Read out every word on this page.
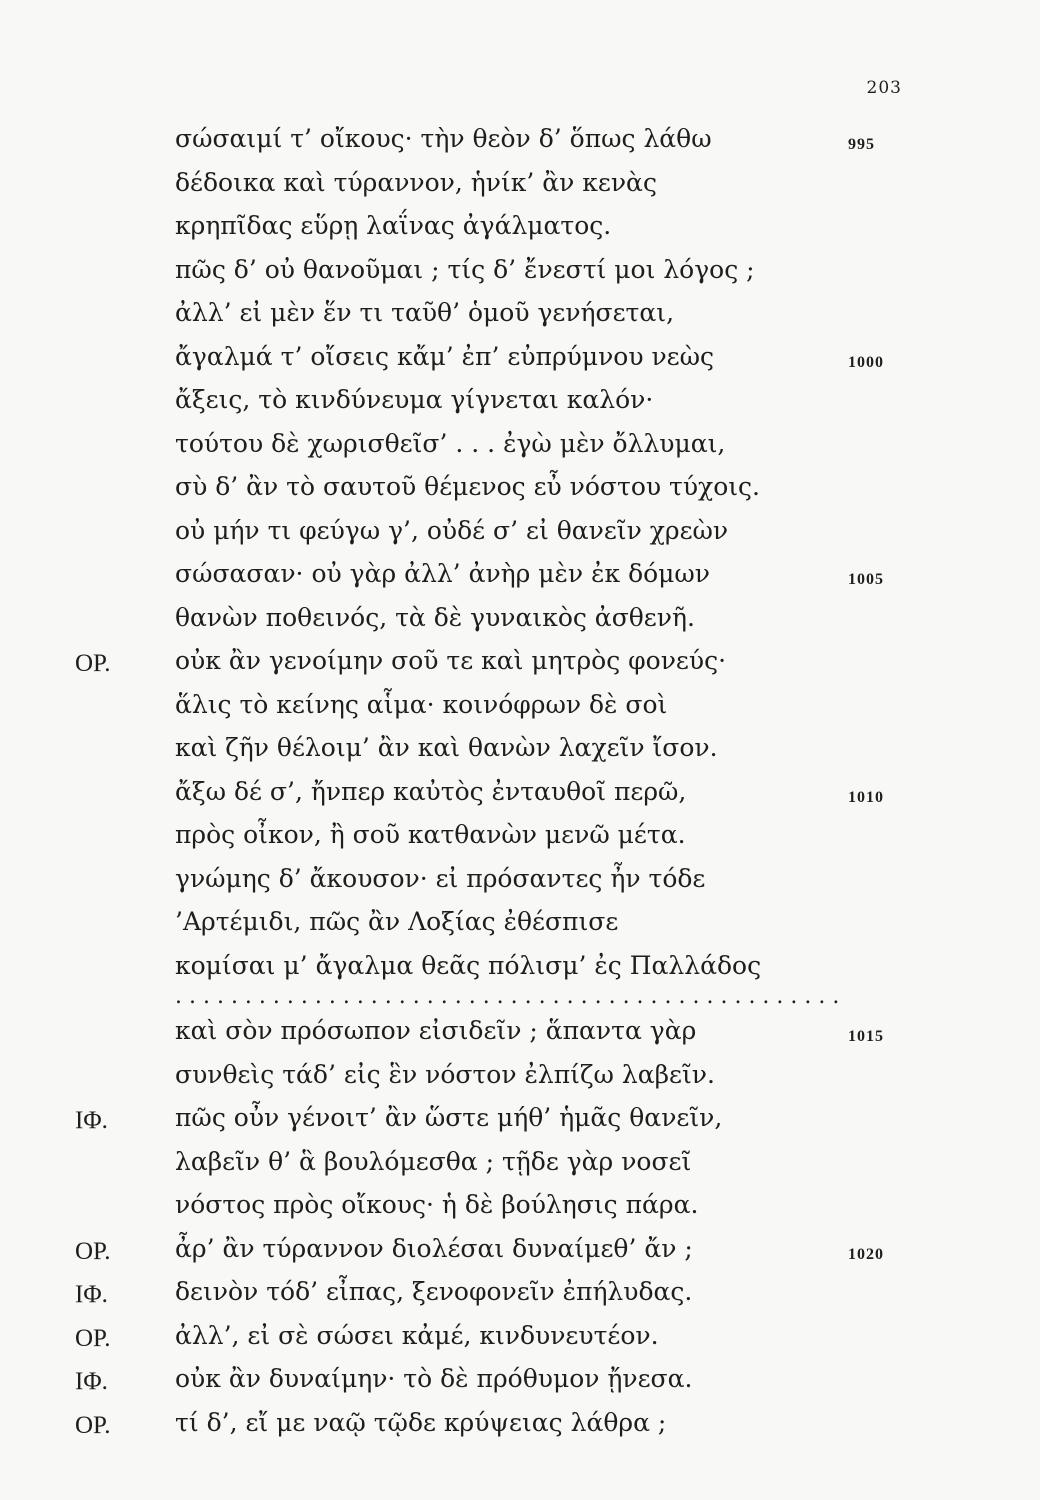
203
σώσαιμί τ’ οἴκους· τὴν θεὸν δ’ ὅπως λάθω	995
δέδοικα καὶ τύραννον, ἡνίκ’ ἂν κενὰς
κρηπῖδας εὕρῃ λαΐνας ἀγάλματος.
πῶς δ’ οὐ θανοῦμαι ; τίς δ’ ἔνεστί μοι λόγος ;
ἀλλ’ εἰ μὲν ἕν τι ταῦθ’ ὁμοῦ γενήσεται,
ἄγαλμά τ’ οἴσεις κἄμ’ ἐπ’ εὐπρύμνου νεὼς	1000
ἄξεις, τὸ κινδύνευμα γίγνεται καλόν·
τούτου δὲ χωρισθεῖσ’ . . . ἐγὼ μὲν ὄλλυμαι,
σὺ δ’ ἂν τὸ σαυτοῦ θέμενος εὖ νόστου τύχοις.
οὐ μήν τι φεύγω γ’, οὐδέ σ’ εἰ θανεῖν χρεὼν
σώσασαν· οὐ γὰρ ἀλλ’ ἀνὴρ μὲν ἐκ δόμων	1005
θανὼν ποθεινός, τὰ δὲ γυναικὸς ἀσθενῆ.
ΟΡ.	οὐκ ἂν γενοίμην σοῦ τε καὶ μητρὸς φονεύς·
ἅλις τὸ κείνης αἷμα· κοινόφρων δὲ σοὶ
καὶ ζῆν θέλοιμ’ ἂν καὶ θανὼν λαχεῖν ἴσον.
ἄξω δέ σ’, ἤνπερ καὐτὸς ἐνταυθοῖ περῶ,	1010
πρὸς οἶκον, ἢ σοῦ κατθανὼν μενῶ μέτα.
γνώμης δ’ ἄκουσον· εἰ πρόσαντες ἦν τόδε
’Αρτέμιδι, πῶς ἂν Λοξίας ἐθέσπισε
κομίσαι μ’ ἄγαλμα θεᾶς πόλισμ’ ἐς Παλλάδος
. . . . . . . . . . . . . . . . . . . . . . . . . . . . . . . . . . . . . . . . . . . . . . . .
καὶ σὸν πρόσωπον εἰσιδεῖν ; ἅπαντα γὰρ	1015
συνθεὶς τάδ’ εἰς ἓν νόστον ἐλπίζω λαβεῖν.
ΙΦ.	πῶς οὖν γένοιτ’ ἂν ὥστε μήθ’ ἡμᾶς θανεῖν,
λαβεῖν θ’ ἃ βουλόμεσθα ; τῇδε γὰρ νοσεῖ
νόστος πρὸς οἴκους· ἡ δὲ βούλησις πάρα.
ΟΡ.	ἆρ’ ἂν τύραννον διολέσαι δυναίμεθ’ ἄν ;	1020
ΙΦ.	δεινὸν τόδ’ εἶπας, ξενοφονεῖν ἐπήλυδας.
ΟΡ.	ἀλλ’, εἰ σὲ σώσει κἀμέ, κινδυνευτέον.
ΙΦ.	οὐκ ἂν δυναίμην· τὸ δὲ πρόθυμον ᾔνεσα.
ΟΡ.	τί δ’, εἴ με ναῷ τῷδε κρύψειας λάθρα ;
